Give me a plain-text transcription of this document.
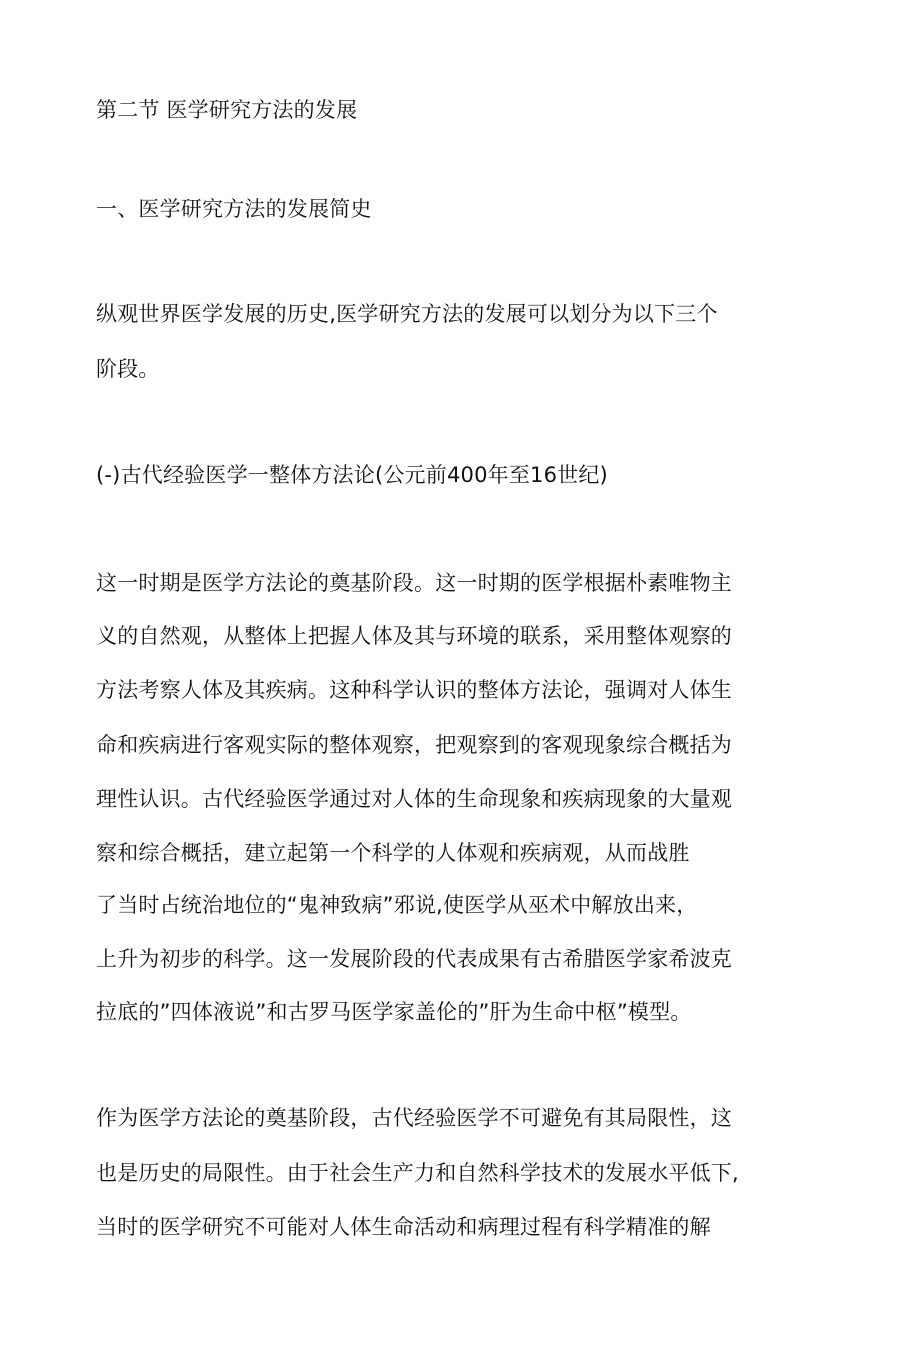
第二节 医学研究方法的发展
一、医学研究方法的发展简史
纵观世界医学发展的历史,医学研究方法的发展可以划分为以下三个
阶段。
(-)古代经验医学一整体方法论(公元前400年至16世纪)
这一时期是医学方法论的奠基阶段。这一时期的医学根据朴素唯物主
义的自然观，从整体上把握人体及其与环境的联系，采用整体观察的
方法考察人体及其疾病。这种科学认识的整体方法论，强调对人体生
命和疾病进行客观实际的整体观察，把观察到的客观现象综合概括为
理性认识。古代经验医学通过对人体的生命现象和疾病现象的大量观
察和综合概括，建立起第一个科学的人体观和疾病观，从而战胜
了当时占统治地位的“鬼神致病”邪说,使医学从巫术中解放出来，
上升为初步的科学。这一发展阶段的代表成果有古希腊医学家希波克
拉底的”四体液说”和古罗马医学家盖伦的”肝为生命中枢”模型。
作为医学方法论的奠基阶段，古代经验医学不可避免有其局限性，这
也是历史的局限性。由于社会生产力和自然科学技术的发展水平低下,
当时的医学研究不可能对人体生命活动和病理过程有科学精准的解
